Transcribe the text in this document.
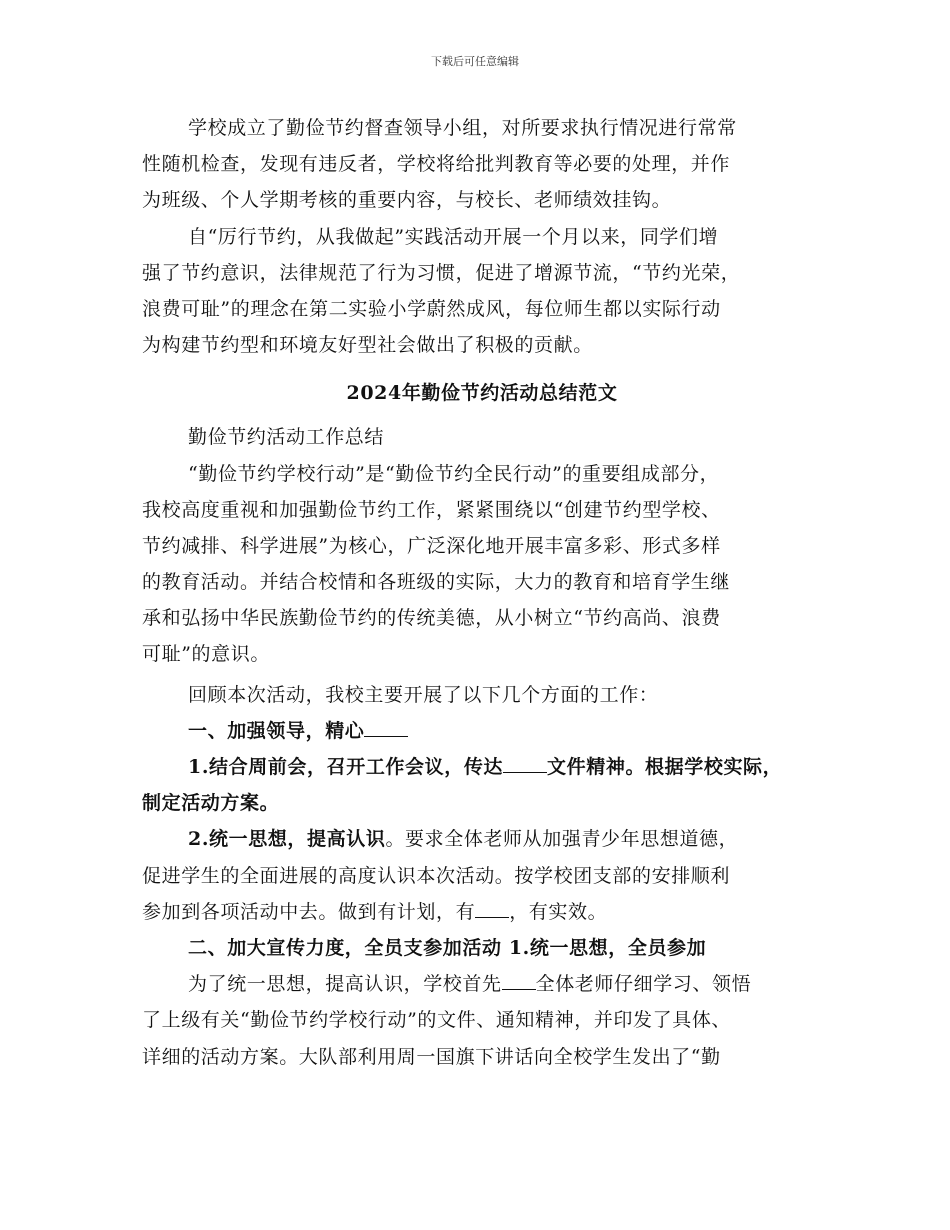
下载后可任意编辑
学校成立了勤俭节约督查领导小组，对所要求执行情况进行常常
性随机检查，发现有违反者，学校将给批判教育等必要的处理，并作
为班级、个人学期考核的重要内容，与校长、老师绩效挂钩。
自“厉行节约，从我做起”实践活动开展一个月以来，同学们增
强了节约意识，法律规范了行为习惯，促进了增源节流，“节约光荣，
浪费可耻”的理念在第二实验小学蔚然成风，每位师生都以实际行动
为构建节约型和环境友好型社会做出了积极的贡献。
2024年勤俭节约活动总结范文
勤俭节约活动工作总结
“勤俭节约学校行动”是“勤俭节约全民行动”的重要组成部分，
我校高度重视和加强勤俭节约工作，紧紧围绕以“创建节约型学校、
节约减排、科学进展”为核心，广泛深化地开展丰富多彩、形式多样
的教育活动。并结合校情和各班级的实际，大力的教育和培育学生继
承和弘扬中华民族勤俭节约的传统美德，从小树立“节约高尚、浪费
可耻”的意识。
回顾本次活动，我校主要开展了以下几个方面的工作：
一、加强领导，精心
1.结合周前会，召开工作会议，传达 文件精神。根据学校实际，
制定活动方案。
2.统一思想，提高认识。要求全体老师从加强青少年思想道德，
促进学生的全面进展的高度认识本次活动。按学校团支部的安排顺利
参加到各项活动中去。做到有计划，有 ，有实效。
二、加大宣传力度，全员支参加活动 1.统一思想，全员参加
为了统一思想，提高认识，学校首先 全体老师仔细学习、领悟
了上级有关“勤俭节约学校行动”的文件、通知精神，并印发了具体、
详细的活动方案。大队部利用周一国旗下讲话向全校学生发出了“勤
